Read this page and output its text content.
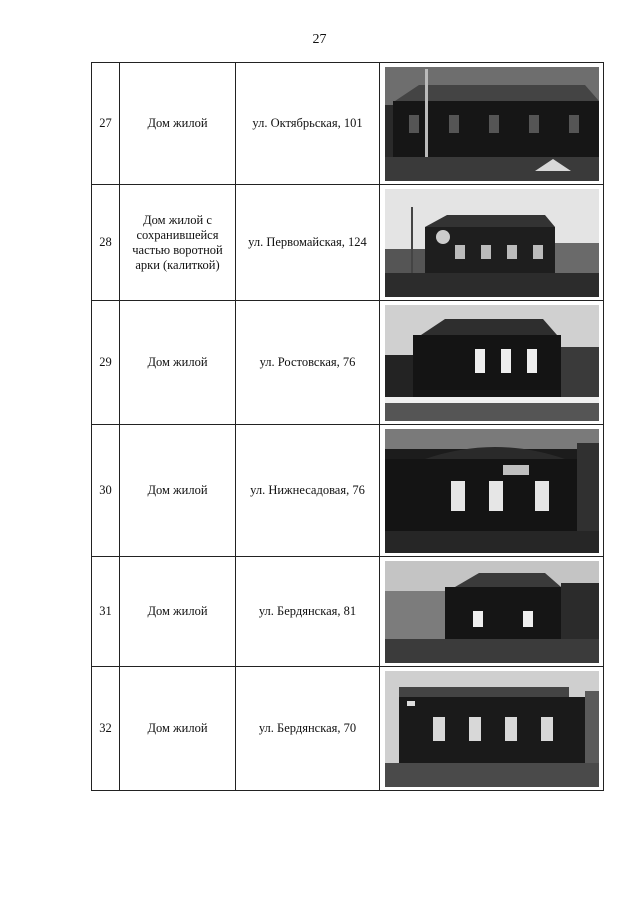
27
27	Дом жилой	ул. Октябрьская, 101	

28	Дом жилой с сохранившейся частью воротной арки (калиткой)	ул. Первомайская, 124	

29	Дом жилой	ул. Ростовская, 76	

30	Дом жилой	ул. Нижнесадовая, 76	

31	Дом жилой	ул. Бердянская, 81	

32	Дом жилой	ул. Бердянская, 70	
